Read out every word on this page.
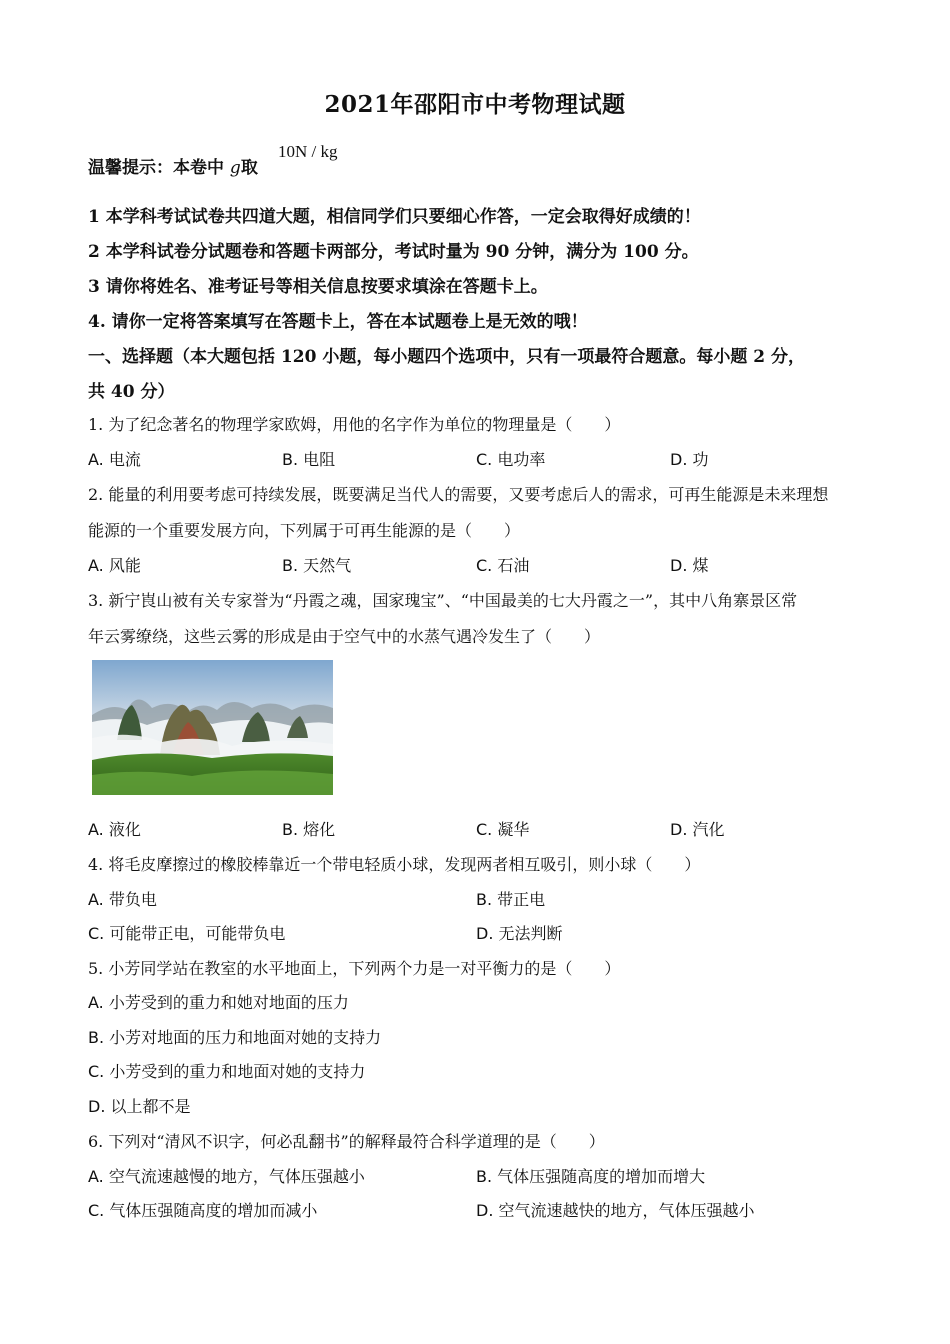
2021年邵阳市中考物理试题
温馨提示：本卷中 g取
10N / kg
1 本学科考试试卷共四道大题，相信同学们只要细心作答，一定会取得好成绩的！
2 本学科试卷分试题卷和答题卡两部分，考试时量为 90 分钟，满分为 100 分。
3 请你将姓名、准考证号等相关信息按要求填涂在答题卡上。
4. 请你一定将答案填写在答题卡上，答在本试题卷上是无效的哦！
一、选择题（本大题包括 120 小题，每小题四个选项中，只有一项最符合题意。每小题 2 分，
共 40 分）
1. 为了纪念著名的物理学家欧姆，用他的名字作为单位的物理量是（　　）
A. 电流	B. 电阻	C. 电功率	D. 功
2. 能量的利用要考虑可持续发展，既要满足当代人的需要，又要考虑后人的需求，可再生能源是未来理想
能源的一个重要发展方向，下列属于可再生能源的是（　　）
A. 风能	B. 天然气	C. 石油	D. 煤
3. 新宁崀山被有关专家誉为“丹霞之魂，国家瑰宝”、“中国最美的七大丹霞之一”，其中八角寨景区常
年云雾缭绕，这些云雾的形成是由于空气中的水蒸气遇冷发生了（　　）
A. 液化	B. 熔化	C. 凝华	D. 汽化
4. 将毛皮摩擦过的橡胶棒靠近一个带电轻质小球，发现两者相互吸引，则小球（　　）
A. 带负电	B. 带正电
C. 可能带正电，可能带负电	D. 无法判断
5. 小芳同学站在教室的水平地面上，下列两个力是一对平衡力的是（　　）
A. 小芳受到的重力和她对地面的压力
B. 小芳对地面的压力和地面对她的支持力
C. 小芳受到的重力和地面对她的支持力
D. 以上都不是
6. 下列对“清风不识字，何必乱翻书”的解释最符合科学道理的是（　　）
A. 空气流速越慢的地方，气体压强越小	B. 气体压强随高度的增加而增大
C. 气体压强随高度的增加而减小	D. 空气流速越快的地方，气体压强越小
